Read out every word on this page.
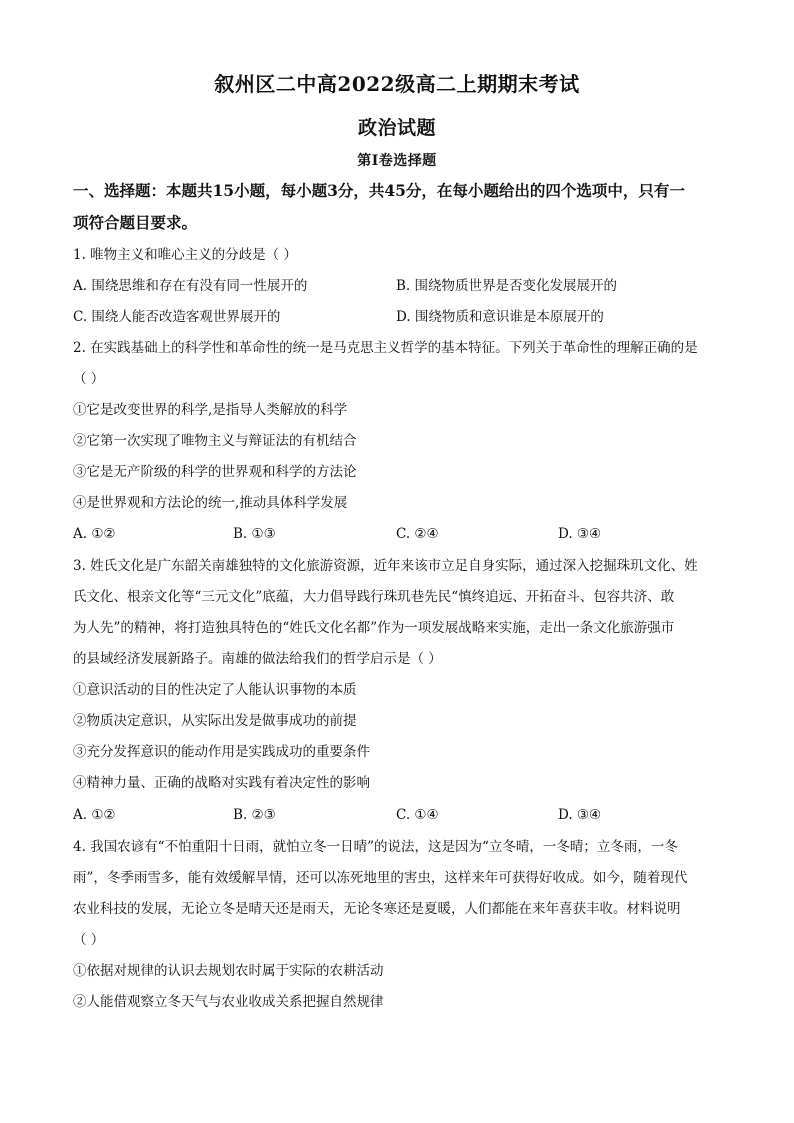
叙州区二中高2022级高二上期期末考试
政治试题
第Ⅰ卷选择题
一、选择题：本题共15小题，每小题3分，共45分，在每小题给出的四个选项中，只有一
项符合题目要求。
1. 唯物主义和唯心主义的分歧是（ ）
A. 围绕思维和存在有没有同一性展开的	B. 围绕物质世界是否变化发展展开的
C. 围绕人能否改造客观世界展开的	D. 围绕物质和意识谁是本原展开的
2. 在实践基础上的科学性和革命性的统一是马克思主义哲学的基本特征。下列关于革命性的理解正确的是
（ ）
①它是改变世界的科学,是指导人类解放的科学
②它第一次实现了唯物主义与辩证法的有机结合
③它是无产阶级的科学的世界观和科学的方法论
④是世界观和方法论的统一,推动具体科学发展
A. ①②	B. ①③	C. ②④	D. ③④
3. 姓氏文化是广东韶关南雄独特的文化旅游资源，近年来该市立足自身实际，通过深入挖掘珠玑文化、姓
氏文化、根亲文化等“三元文化”底蕴，大力倡导践行珠玑巷先民“慎终追远、开拓奋斗、包容共济、敢
为人先”的精神，将打造独具特色的“姓氏文化名都”作为一项发展战略来实施，走出一条文化旅游强市
的县域经济发展新路子。南雄的做法给我们的哲学启示是（ ）
①意识活动的目的性决定了人能认识事物的本质
②物质决定意识，从实际出发是做事成功的前提
③充分发挥意识的能动作用是实践成功的重要条件
④精神力量、正确的战略对实践有着决定性的影响
A. ①②	B. ②③	C. ①④	D. ③④
4. 我国农谚有“不怕重阳十日雨，就怕立冬一日晴”的说法，这是因为“立冬晴，一冬晴；立冬雨，一冬
雨”，冬季雨雪多，能有效缓解旱情，还可以冻死地里的害虫，这样来年可获得好收成。如今，随着现代
农业科技的发展，无论立冬是晴天还是雨天，无论冬寒还是夏暖，人们都能在来年喜获丰收。材料说明
（ ）
①依据对规律的认识去规划农时属于实际的农耕活动
②人能借观察立冬天气与农业收成关系把握自然规律
